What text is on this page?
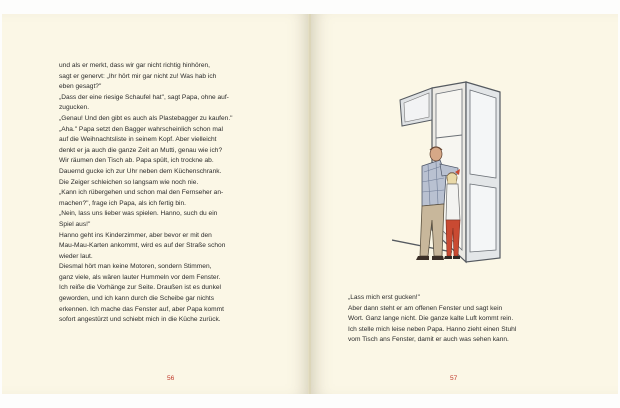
und als er merkt, dass wir gar nicht richtig hinhören,
sagt er genervt: „Ihr hört mir gar nicht zu! Was hab ich
eben gesagt?"
„Dass der eine riesige Schaufel hat", sagt Papa, ohne auf-
zugucken.
„Genau! Und den gibt es auch als Plastebagger zu kaufen."
„Aha." Papa setzt den Bagger wahrscheinlich schon mal
auf die Weihnachtsliste in seinem Kopf. Aber vielleicht
denkt er ja auch die ganze Zeit an Mutti, genau wie ich?
Wir räumen den Tisch ab. Papa spült, ich trockne ab.
Dauernd gucke ich zur Uhr neben dem Küchenschrank.
Die Zeiger schleichen so langsam wie noch nie.
„Kann ich rübergehen und schon mal den Fernseher an-
machen?", frage ich Papa, als ich fertig bin.
„Nein, lass uns lieber was spielen. Hanno, such du ein
Spiel aus!"
Hanno geht ins Kinderzimmer, aber bevor er mit den
Mau-Mau-Karten ankommt, wird es auf der Straße schon
wieder laut.
Diesmal hört man keine Motoren, sondern Stimmen,
ganz viele, als wären lauter Hummeln vor dem Fenster.
Ich reiße die Vorhänge zur Seite. Draußen ist es dunkel
geworden, und ich kann durch die Scheibe gar nichts
erkennen. Ich mache das Fenster auf, aber Papa kommt
sofort angestürzt und schiebt mich in die Küche zurück.
56
„Lass mich erst gucken!"
Aber dann steht er am offenen Fenster und sagt kein
Wort. Ganz lange nicht. Die ganze kalte Luft kommt rein.
Ich stelle mich leise neben Papa. Hanno zieht einen Stuhl
vom Tisch ans Fenster, damit er auch was sehen kann.
57
